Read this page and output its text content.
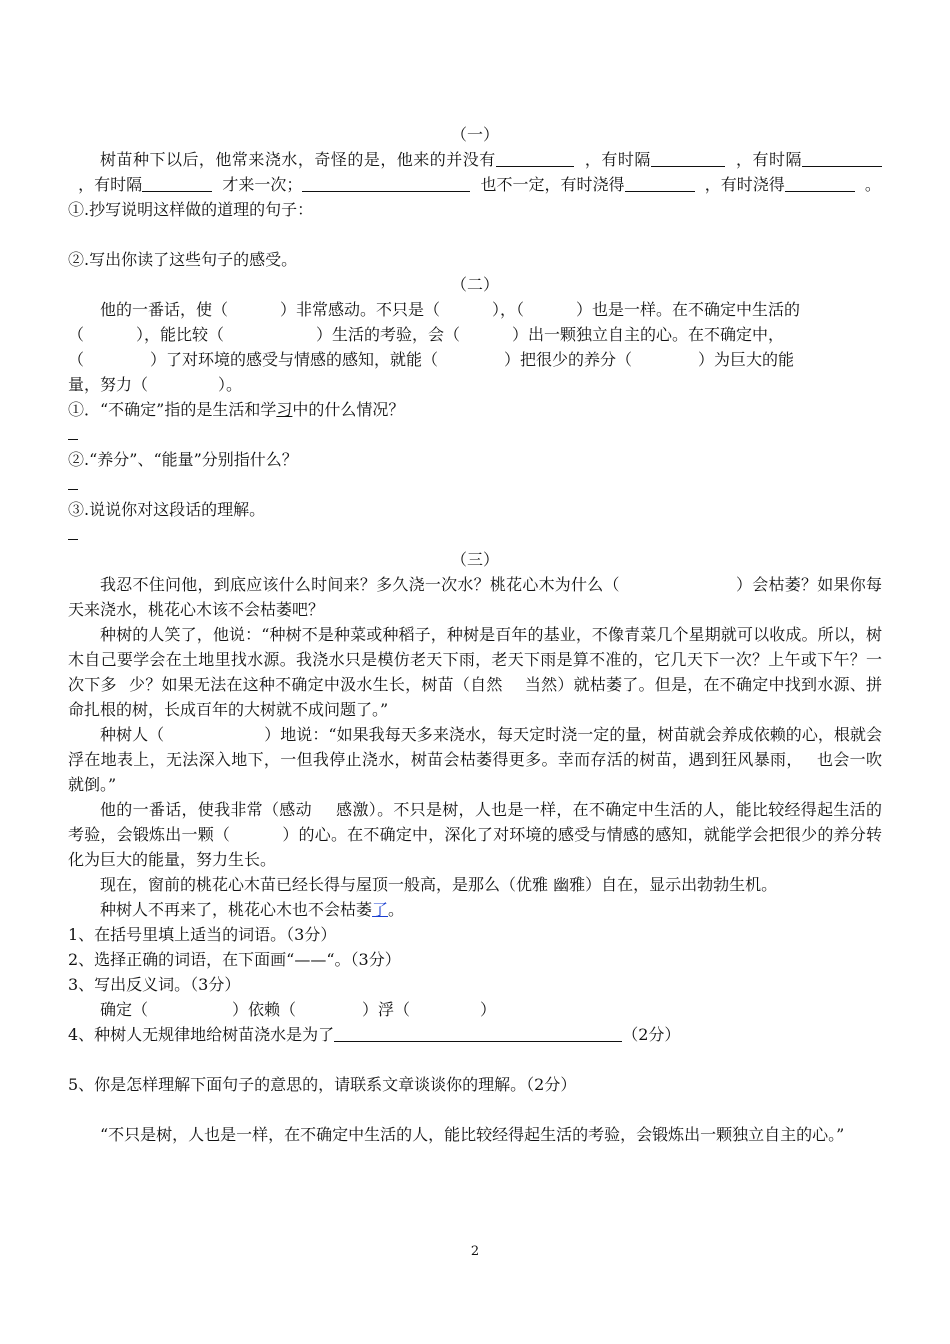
（一）

树苗种下以后，他常来浇水，奇怪的是，他来的并没有	，有时隔	，有时隔  ，有时隔	才来一次；	也不一定，有时浇得	，有时浇得	。

①.抄写说明这样做的道理的句子：

②.写出你读了这些句子的感受。

（二）

他的一番话，使（	）非常感动。不只是（	），（	）也是一样。在不确定中生活的

（	），能比较（	）生活的考验，会（	）出一颗独立自主的心。在不确定中，

（	）了对环境的感受与情感的感知，就能（	）把很少的养分（	）为巨大的能

量，努力（	）。

①．“不确定”指的是生活和学习中的什么情况？

②.“养分”、“能量”分别指什么？

③.说说你对这段话的理解。

（三）

我忍不住问他，到底应该什么时间来？多久浇一次水？桃花心木为什么（	）会枯萎？如果你每天来浇水，桃花心木该不会枯萎吧？

种树的人笑了，他说：“种树不是种菜或种稻子，种树是百年的基业，不像青菜几个星期就可以收成。所以，树木自己要学会在土地里找水源。我浇水只是模仿老天下雨，老天下雨是算不准的，它几天下一次？上午或下午？一次下多 少？如果无法在这种不确定中汲水生长，树苗（自然 当然）就枯萎了。但是，在不确定中找到水源、拼命扎根的树，长成百年的大树就不成问题了。”

种树人（	）地说：“如果我每天多来浇水，每天定时浇一定的量，树苗就会养成依赖的心，根就会浮在地表上，无法深入地下，一但我停止浇水，树苗会枯萎得更多。幸而存活的树苗，遇到狂风暴雨， 也会一吹就倒。”

他的一番话，使我非常（感动 感激）。不只是树，人也是一样，在不确定中生活的人，能比较经得起生活的考验，会锻炼出一颗（	）的心。在不确定中，深化了对环境的感受与情感的感知，就能学会把很少的养分转化为巨大的能量，努力生长。

现在，窗前的桃花心木苗已经长得与屋顶一般高，是那么（优雅 幽雅）自在，显示出勃勃生机。

种树人不再来了，桃花心木也不会枯萎了。

1、在括号里填上适当的词语。（3分）

2、选择正确的词语，在下面画“——“。（3分）

3、写出反义词。（3分）

确定（	）依赖（	）浮（	）

4、种树人无规律地给树苗浇水是为了	（2分）

5、你是怎样理解下面句子的意思的，请联系文章谈谈你的理解。（2分）

“不只是树，人也是一样，在不确定中生活的人，能比较经得起生活的考验，会锻炼出一颗独立自主的心。”

2
